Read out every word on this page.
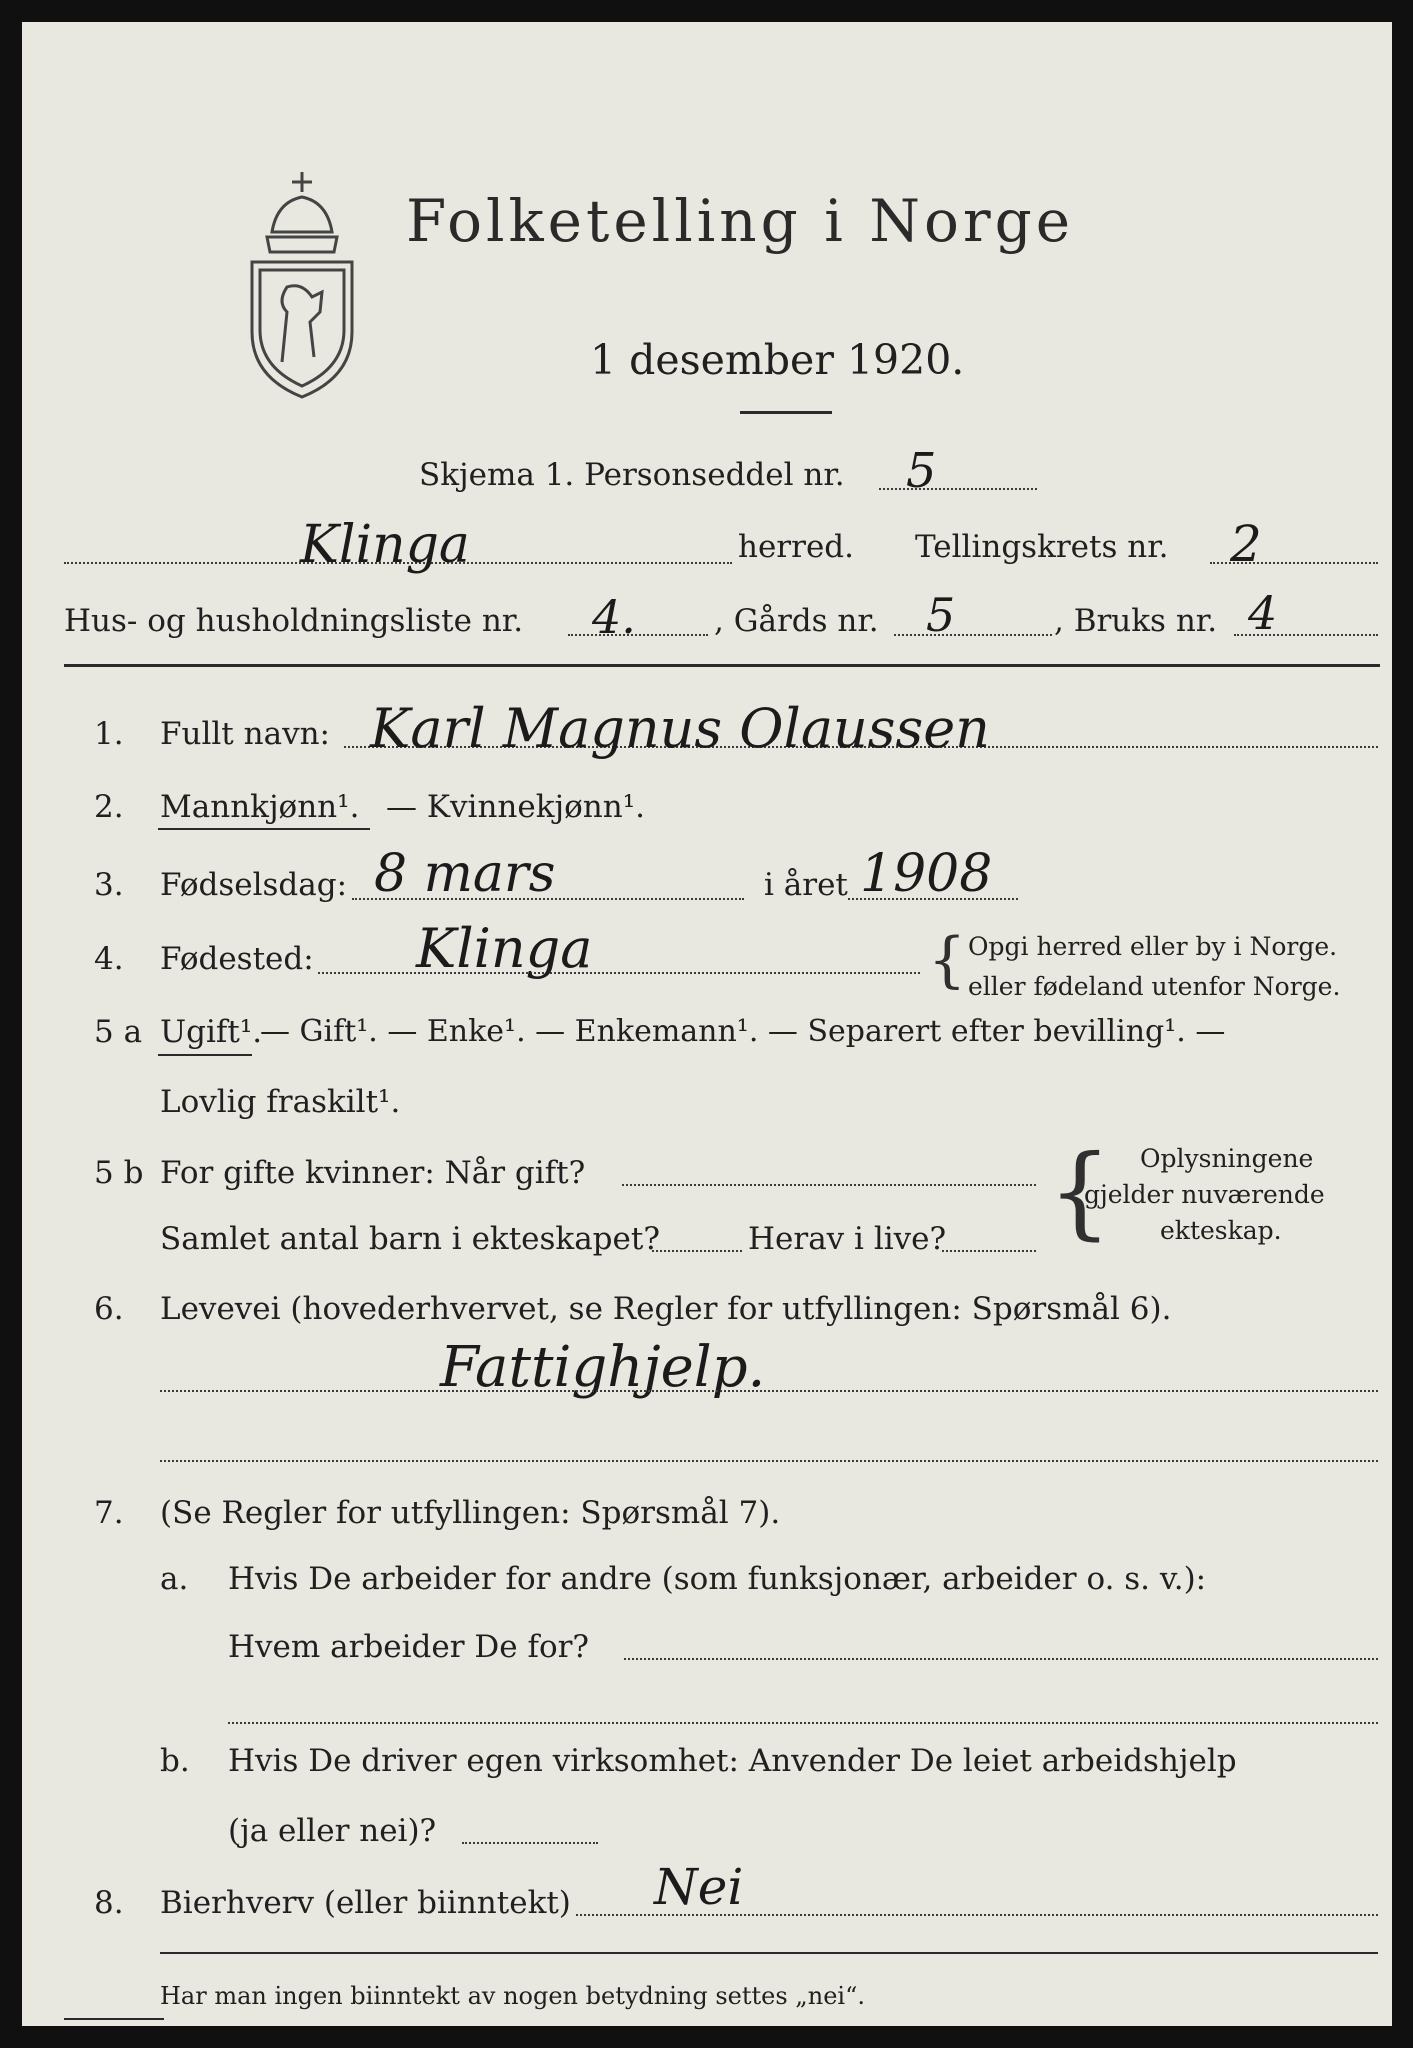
Folketelling i Norge
1 desember 1920.
Skjema 1. Personseddel nr. 5
Klinga	herred. Tellingskrets nr. 2
Hus- og husholdningsliste nr. 4.	, Gårds nr. 5	, Bruks nr. 4
1. Fullt navn: Karl Magnus Olaussen
2. Mannkjønn¹. — Kvinnekjønn¹.
3. Fødselsdag: 8 mars	i året 1908
4. Fødested: Klinga	{ Opgi herred eller by i Norge.
eller fødeland utenfor Norge.
5 a Ugift¹.
— Gift¹. — Enke¹. — Enkemann¹. — Separert efter bevilling¹. —
Lovlig fraskilt¹.
5 b For gifte kvinner: Når gift?
Samlet antal barn i ekteskapet?	Herav i live? { Oplysningene
gjelder nuværende
ekteskap.
6. Levevei (hovederhvervet, se Regler for utfyllingen: Spørsmål 6).
Fattighjelp.
7. (Se Regler for utfyllingen: Spørsmål 7).
a. Hvis De arbeider for andre (som funksjonær, arbeider o. s. v.):
Hvem arbeider De for?
b. Hvis De driver egen virksomhet: Anvender De leiet arbeidshjelp
(ja eller nei)?
8. Bierhverv (eller biinntekt) Nei
Har man ingen biinntekt av nogen betydning settes „nei“.
